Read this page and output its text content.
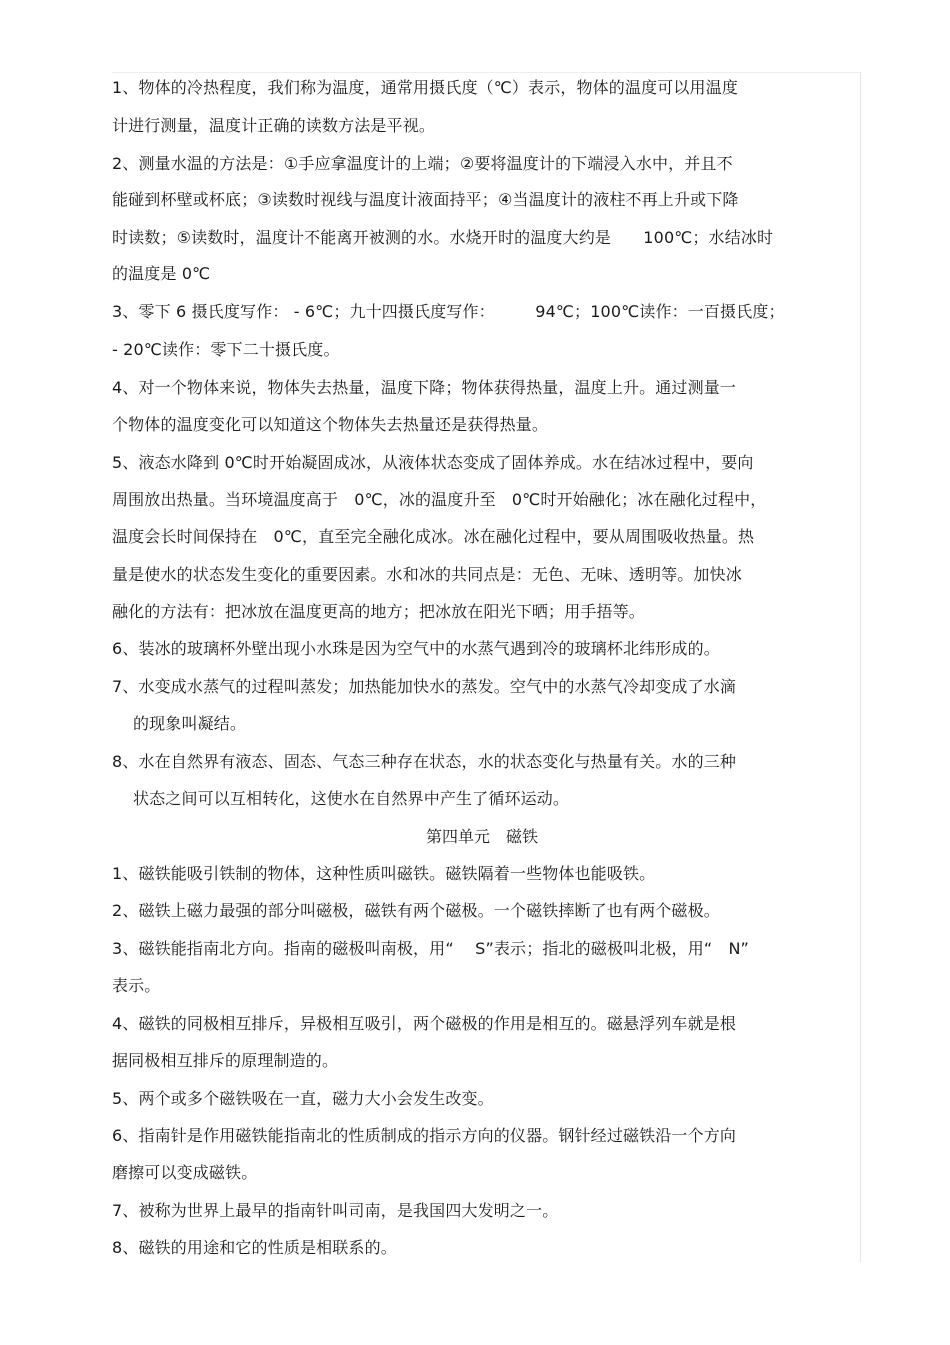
1、物体的冷热程度，我们称为温度，通常用摄氏度（℃）表示，物体的温度可以用温度
计进行测量，温度计正确的读数方法是平视。
2、测量水温的方法是：①手应拿温度计的上端；②要将温度计的下端浸入水中，并且不
能碰到杯壁或杯底；③读数时视线与温度计液面持平；④当温度计的液柱不再上升或下降
时读数；⑤读数时，温度计不能离开被测的水。水烧开时的温度大约是　　100℃；水结冰时
的温度是 0℃
3、零下 6 摄氏度写作： - 6℃；九十四摄氏度写作：　　　94℃；100℃读作：一百摄氏度；
- 20℃读作：零下二十摄氏度。
4、对一个物体来说，物体失去热量，温度下降；物体获得热量，温度上升。通过测量一
个物体的温度变化可以知道这个物体失去热量还是获得热量。
5、液态水降到 0℃时开始凝固成冰，从液体状态变成了固体养成。水在结冰过程中，要向
周围放出热量。当环境温度高于　0℃，冰的温度升至　0℃时开始融化；冰在融化过程中，
温度会长时间保持在　0℃，直至完全融化成冰。冰在融化过程中，要从周围吸收热量。热
量是使水的状态发生变化的重要因素。水和冰的共同点是：无色、无味、透明等。加快冰
融化的方法有：把冰放在温度更高的地方；把冰放在阳光下晒；用手捂等。
6、装冰的玻璃杯外壁出现小水珠是因为空气中的水蒸气遇到冷的玻璃杯北纬形成的。
7、水变成水蒸气的过程叫蒸发；加热能加快水的蒸发。空气中的水蒸气冷却变成了水滴
的现象叫凝结。
8、水在自然界有液态、固态、气态三种存在状态，水的状态变化与热量有关。水的三种
状态之间可以互相转化，这使水在自然界中产生了循环运动。
第四单元　磁铁
1、磁铁能吸引铁制的物体，这种性质叫磁铁。磁铁隔着一些物体也能吸铁。
2、磁铁上磁力最强的部分叫磁极，磁铁有两个磁极。一个磁铁摔断了也有两个磁极。
3、磁铁能指南北方向。指南的磁极叫南极，用“　 S”表示；指北的磁极叫北极，用“　N”
表示。
4、磁铁的同极相互排斥，异极相互吸引，两个磁极的作用是相互的。磁悬浮列车就是根
据同极相互排斥的原理制造的。
5、两个或多个磁铁吸在一直，磁力大小会发生改变。
6、指南针是作用磁铁能指南北的性质制成的指示方向的仪器。钢针经过磁铁沿一个方向
磨擦可以变成磁铁。
7、被称为世界上最早的指南针叫司南，是我国四大发明之一。
8、磁铁的用途和它的性质是相联系的。
